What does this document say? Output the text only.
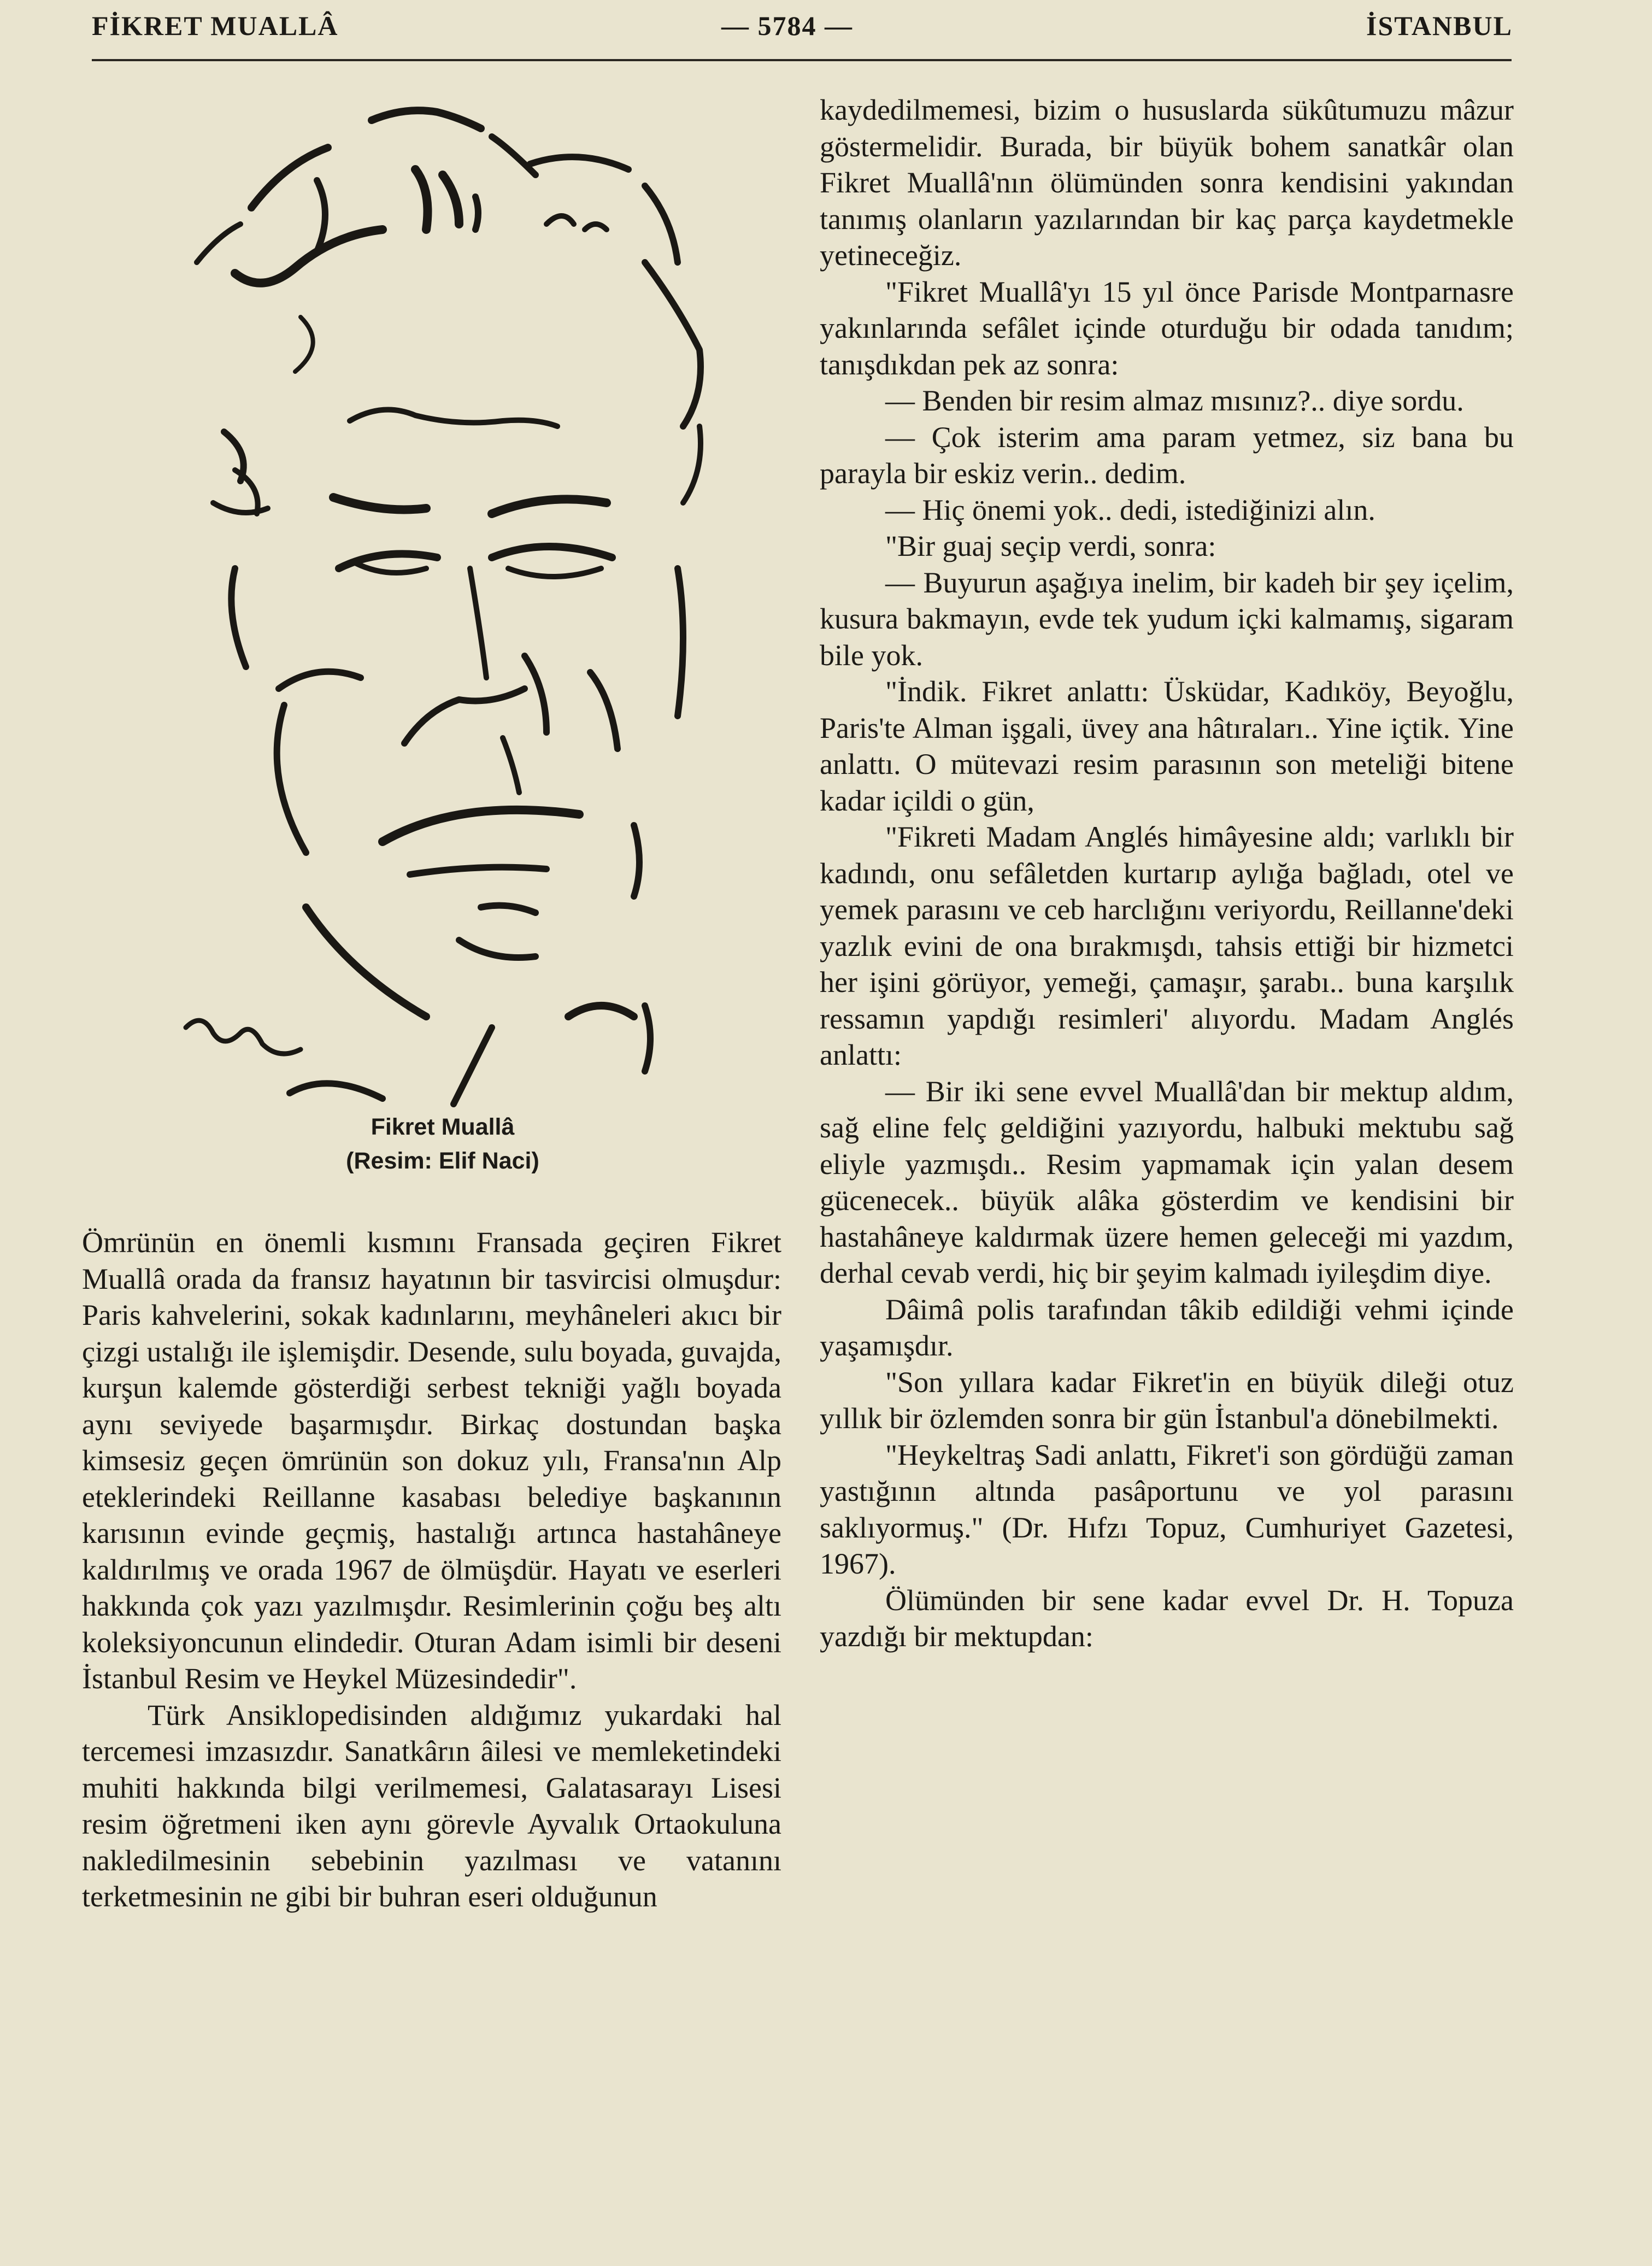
FİKRET MUALLÂ	— 5784 —	İSTANBUL
Fikret Muallâ
(Resim: Elif Naci)

Ömrünün en önemli kısmını Fransada geçiren Fikret Muallâ orada da fransız hayatının bir tasvircisi olmuşdur: Paris kahvelerini, sokak kadınlarını, meyhâneleri akıcı bir çizgi ustalığı ile işlemişdir. Desende, sulu boyada, guvajda, kurşun kalemde gösterdiği serbest tekniği yağlı boyada aynı seviyede başarmışdır. Birkaç dostundan başka kimsesiz geçen ömrünün son dokuz yılı, Fransa'nın Alp eteklerindeki Reillanne kasabası belediye başkanının karısının evinde geçmiş, hastalığı artınca hastahâneye kaldırılmış ve orada 1967 de ölmüşdür. Hayatı ve eserleri hakkında çok yazı yazılmışdır. Resimlerinin çoğu beş altı koleksiyoncunun elindedir. Oturan Adam isimli bir deseni İstanbul Resim ve Heykel Müzesindedir".

Türk Ansiklopedisinden aldığımız yukardaki hal tercemesi imzasızdır. Sanatkârın âilesi ve memleketindeki muhiti hakkında bilgi verilmemesi, Galatasarayı Lisesi resim öğretmeni iken aynı görevle Ayvalık Ortaokuluna nakledilmesinin sebebinin yazılması ve vatanını terketmesinin ne gibi bir buhran eseri olduğunun

kaydedilmemesi, bizim o hususlarda sükûtumuzu mâzur göstermelidir. Burada, bir büyük bohem sanatkâr olan Fikret Muallâ'nın ölümünden sonra kendisini yakından tanımış olanların yazılarından bir kaç parça kaydetmekle yetineceğiz.

"Fikret Muallâ'yı 15 yıl önce Parisde Montparnasre yakınlarında sefâlet içinde oturduğu bir odada tanıdım; tanışdıkdan pek az sonra:

— Benden bir resim almaz mısınız?.. diye sordu.

— Çok isterim ama param yetmez, siz bana bu parayla bir eskiz verin.. dedim.

— Hiç önemi yok.. dedi, istediğinizi alın.

"Bir guaj seçip verdi, sonra:

— Buyurun aşağıya inelim, bir kadeh bir şey içelim, kusura bakmayın, evde tek yudum içki kalmamış, sigaram bile yok.

"İndik. Fikret anlattı: Üsküdar, Kadıköy, Beyoğlu, Paris'te Alman işgali, üvey ana hâtıraları.. Yine içtik. Yine anlattı. O mütevazi resim parasının son meteliği bitene kadar içildi o gün,

"Fikreti Madam Anglés himâyesine aldı; varlıklı bir kadındı, onu sefâletden kurtarıp aylığa bağladı, otel ve yemek parasını ve ceb harclığını veriyordu, Reillanne'deki yazlık evini de ona bırakmışdı, tahsis ettiği bir hizmetci her işini görüyor, yemeği, çamaşır, şarabı.. buna karşılık ressamın yapdığı resimleri' alıyordu. Madam Anglés anlattı:

— Bir iki sene evvel Muallâ'dan bir mektup aldım, sağ eline felç geldiğini yazıyordu, halbuki mektubu sağ eliyle yazmışdı.. Resim yapmamak için yalan desem gücenecek.. büyük alâka gösterdim ve kendisini bir hastahâneye kaldırmak üzere hemen geleceği mi yazdım, derhal cevab verdi, hiç bir şeyim kalmadı iyileşdim diye.

Dâimâ polis tarafından tâkib edildiği vehmi içinde yaşamışdır.

"Son yıllara kadar Fikret'in en büyük dileği otuz yıllık bir özlemden sonra bir gün İstanbul'a dönebilmekti.

"Heykeltraş Sadi anlattı, Fikret'i son gördüğü zaman yastığının altında pasâportunu ve yol parasını saklıyormuş." (Dr. Hıfzı Topuz, Cumhuriyet Gazetesi, 1967).

Ölümünden bir sene kadar evvel Dr. H. Topuza yazdığı bir mektupdan:
